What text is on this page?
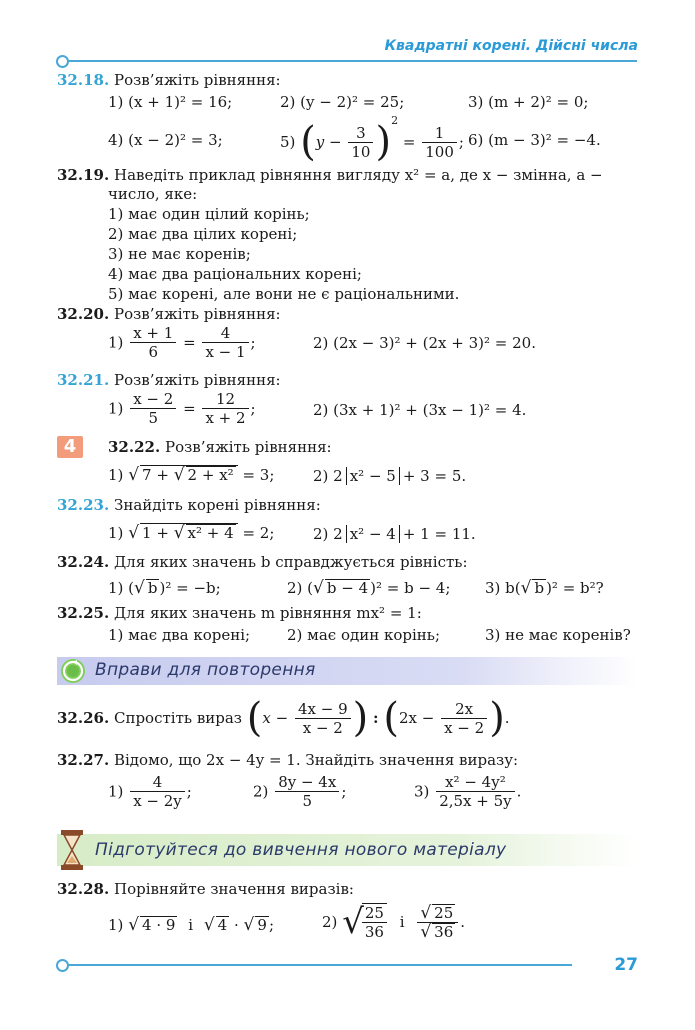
Квадратні корені. Дійсні числа
32.18. Розв’яжіть рівняння:
1) (x + 1)² = 16;	2) (y − 2)² = 25;	3) (m + 2)² = 0;
4) (x − 2)² = 3;	5) $(y - \frac{3}{10} )^2 = \frac{1}{100}$ ; 6) (m − 3)² = −4.
32.19. Наведіть приклад рівняння вигляду x² = a, де x − змінна, a −
число, яке:
1) має один цілий корінь;
2) має два цілих корені;
3) не має коренів;
4) має два раціональних корені;
5) має корені, але вони не є раціональними.
32.20. Розв’яжіть рівняння:
$1) \frac{x + 1}{6} = \frac{4}{x - 1}$ ;	2) (2x − 3)² + (2x + 3)² = 20.
32.21. Розв’яжіть рівняння:
$1) \frac{x - 2}{5} = \frac{12}{x + 2}$ ;	2) (3x + 1)² + (3x − 1)² = 4.
4	32.22. Розв’яжіть рівняння:
1) √ 7 + √ 2 + x² = 3;	2) 2 x² − 5 + 3 = 5.
32.23. Знайдіть корені рівняння:
1) √ 1 + √ x² + 4 = 2;	2) 2 x² − 4 + 1 = 11.
32.24. Для яких значень b справджується рівність:
1) (√ b )² = −b;	2) (√ b − 4 )² = b − 4; 3) b(√ b )² = b²?
32.25. Для яких значень m рівняння mx² = 1:
1) має два корені; 2) має один корінь;	3) не має коренів?
Вправи для повторення
32.26. Спростіть вираз ($x - \frac{4x - 9}{x - 2}$ ) : ($2x - \frac{2x}{x - 2}$ ).
32.27. Відомо, що 2x − 4y = 1. Знайдіть значення виразу:
$1) \frac{4}{x - 2y}$ ;	$2) \frac{8y - 4x}{5}$ ;	$3) \frac{\text{x² − 4y²}}{2,5x + 5y}$ .
Підготуйтеся до вивчення нового матеріалу
32.28. Порівняйте значення виразів:
1) √ 4 · 9 і √ 4 · √ 9 ;	2) √
$\frac{25}{36}$ і $\frac{√ 25}{√ 36}$ .
27
